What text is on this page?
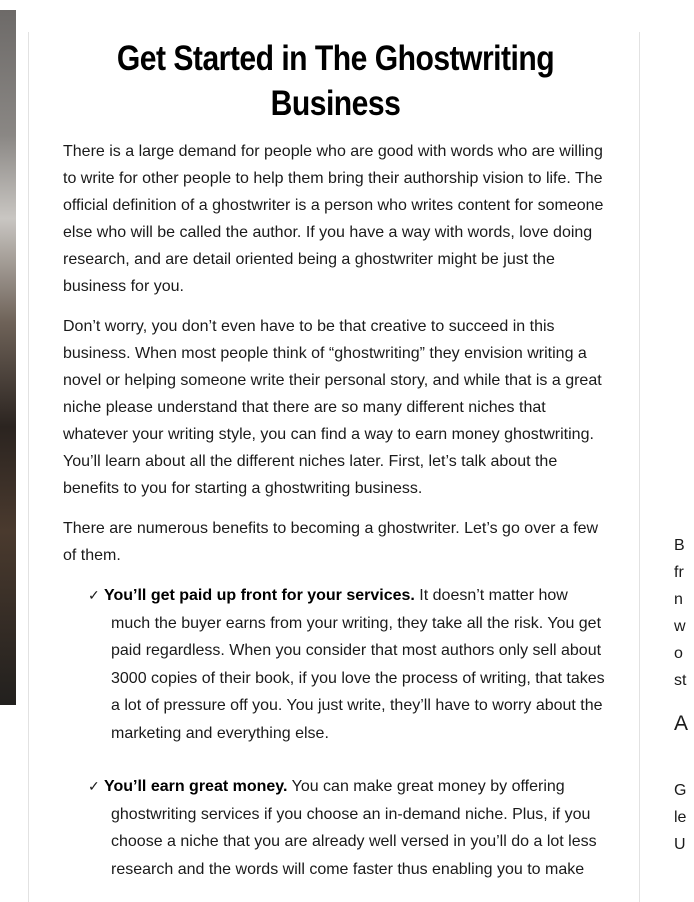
Get Started in The Ghostwriting Business

There is a large demand for people who are good with words who are willing to write for other people to help them bring their authorship vision to life. The official definition of a ghostwriter is a person who writes content for someone else who will be called the author. If you have a way with words, love doing research, and are detail oriented being a ghostwriter might be just the business for you.

Don’t worry, you don’t even have to be that creative to succeed in this business. When most people think of “ghostwriting” they envision writing a novel or helping someone write their personal story, and while that is a great niche please understand that there are so many different niches that whatever your writing style, you can find a way to earn money ghostwriting. You’ll learn about all the different niches later. First, let’s talk about the benefits to you for starting a ghostwriting business.

There are numerous benefits to becoming a ghostwriter. Let’s go over a few of them.

✓ You’ll get paid up front for your services. It doesn’t matter how
much the buyer earns from your writing, they take all the risk. You get paid regardless. When you consider that most authors only sell about 3000 copies of their book, if you love the process of writing, that takes a lot of pressure off you. You just write, they’ll have to worry about the marketing and everything else.
✓ You’ll earn great money. You can make great money by offering
ghostwriting services if you choose an in-demand niche. Plus, if you choose a niche that you are already well versed in you’ll do a lot less research and the words will come faster thus enabling you to make
B
fr
n
w
o
st
A
G
le
U
